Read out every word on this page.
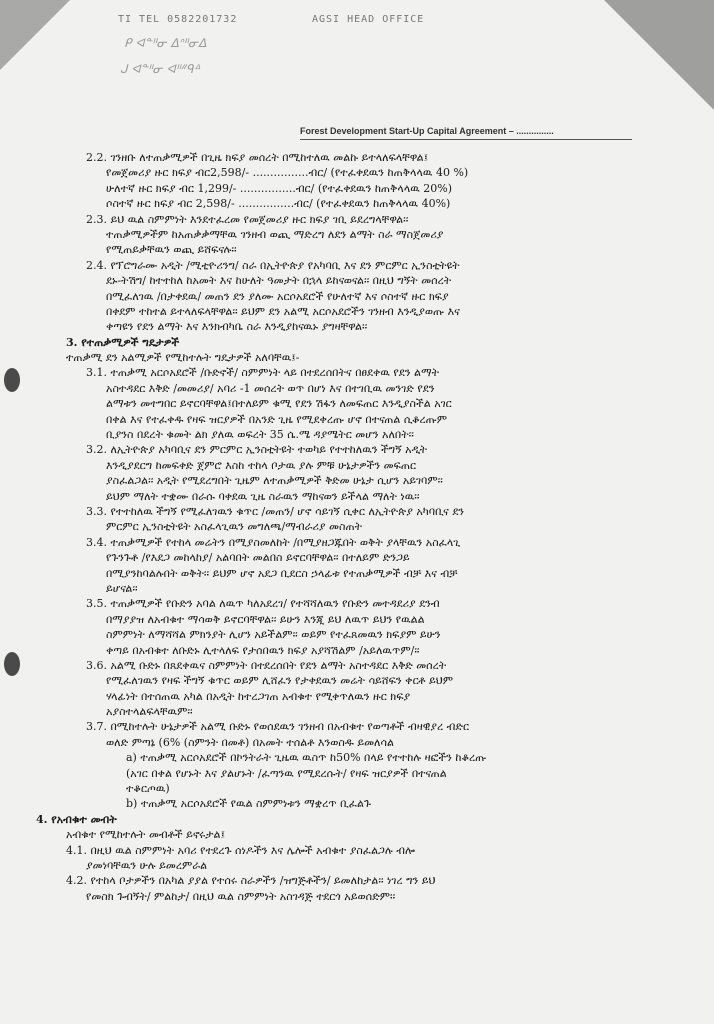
TI TEL 0582201732	AGSI HEAD OFFICE
ᑭ ᐊᓐᐦᓂ ᐃᐢᐦᓂᐃ
ᒍ ᐊᓐᐦᓂ ᐊᐦᐥᑫᐞ
Forest Development Start-Up Capital Agreement – ...............
2.2. ገንዘቡ ለተጠቃሚዎች በጊዜ ክፍያ መሰረት በሚከተለዉ መልኩ ይተላለፍላቸዋል፤
የመጀመሪያ ዙር ክፍያ ብር2,598/- ................ብር/ (የተፈቀደዉን ከጠቅላላዉ 40 %)
ሁለተኛ ዙር ክፍያ ብር 1,299/- ................ብር/ (የተፈቀደዉን ከጠቅላላዉ 20%)
ሶስተኛ ዙር ክፍያ ብር 2,598/- ................ብር/ (የተፈቀደዉን ከጠቅላላዉ 40%)
2.3. ይህ ዉል ስምምነት እንደተፈረመ የመጀመሪያ ዙር ክፍያ ገቢ ይደረግላቸዋል፡፡
ተጠቃሚዎችም ከአጠቃቃማቸዉ ገንዘብ ወጪ ማድረግ ለደን ልማት ስራ ማስጀመሪያ
የሚጠይቃቸዉን ወጪ ይሸፍናሉ፡፡
2.4. የፕሮግራሙ አዲት /ሚቲዮሪንግ/ ስራ በኢትዮጵያ የአካባቢ እና ደን ምርምር ኢንስቲትዩት
ደኑ-ትሽግ/ ከተተከለ ከአመት እና ከሁለት ዓመታት በኋላ ይከናወናል፡፡ በዚህ ግኝት መሰረት
በሚፈለገዉ /በታቀደዉ/ መጠን ደን ያለሙ አርሶአደሮች የሁለተኛ እና ሶስተኛ ዙር ክፍያ
በቀደም ተከተል ይተላለፍላቸዋል፡፡ ይህም ደን አልሚ አርሶአደሮችን ገንዘብ እንዲያወጡ እና
ቀጣዩን የደን ልማት እና እንክብካቤ ስራ እንዲያከናዉኑ ያግዛቸዋል፡፡
3. የተጠቃሚዎች ግዴታዎች
ተጠቃሚ ደን አልሚዎች የሚከተሉት ግዴታዎች አለባቸዉ፤-
3.1. ተጠቃሚ አርሶአደሮች /ቡድኖች/ ስምምነት ላይ በተደረሰበትና በፀደቀዉ የደን ልማት
አስተዳደር እቅድ /መመሪያ/ አባሪ -1 መሰረት ወጥ በሆነ እና በተገቢዉ መንገድ የደን
ልማቱን መተግበር ይኖርባቸዋል፤በተለይም ቁሚ የደን ሽፋን ለመፍጠር እንዲያስችል አገር
በቀል እና የተፈቀዱ የዛፍ ዝርያዎች በአንድ ጊዜ የሚደቀረጡ ሆኖ በተናጠል ሲቆረጡም
ቢያንስ በደረት ቁመት ልክ ያለዉ ወፍረት 35 ሴ.ሜ ዳያሜትር መሆን አለበት፡፡
3.2. ለኢትዮጵያ አካባቢና ደን ምርምር ኢንስቲትዩት ተወካይ የተተከለዉን ችግኝ አዲት
እንዲያደርግ ከመፍቀድ ጀምሮ እስከ ተከላ ቦታዉ ያሉ ምቹ ሁኔታዎችን መፍጠር
ያስፈልጋል፡፡ አዲት የሚደረግበት ጊዜም ለተጠቃሚዎች ቅድመ ሁኔታ ሲሆን አይገባም፡፡
ይህም ማለት ተቋሙ በራሱ ባቀደዉ ጊዜ ስራዉን ማከናወን ይችላል ማለት ነዉ፡፡
3.3. የተተከለዉ ችግኝ የሚፈለገዉን ቁጥር /መጠን/ ሆኖ ሳይገኝ ሲቀር ለኢትዮጵያ አካባቢና ደን
ምርምር ኢንስቲትዩት አስፈላጊዉን መግለጫ/ማብራሪያ መስጠት
3.4. ተጠቃሚዎች የተከላ መሬትን በሚያስመለከት /በሚያዘጋጁበት ወቅት ያላቸዉን አስፈላጊ
የጉንጉቶ /የእደጋ መከላከያ/ አልባበት መልበስ ይኖርባቸዋል፡፡ በተለይም ድንጋይ
በሚያንከባልሉበት ወቅት፡፡ ይህም ሆኖ አደጋ ቢደርስ ኃላፊቱ የተጠቃሚዎች ብቻ እና ብቻ
ይሆናል፡፡
3.5. ተጠቃሚዎች የቡድን አባል ለዉጥ ካለአደረገ/ የተሻሻለዉን የቡድን መተዳደሪያ ደንብ
በማያያዝ ለአብቁተ ማሳወቅ ይኖርባቸዋል፡፡ ይሁን እንጂ ይህ ለዉጥ ይህን የዉልል
ስምምነት ለማሻሻል ምክንያት ሊሆን አይችልም፡፡ ወይም የተፈጸመዉን ክፍያም ይሁን
ቀጣይ በአብቁተ ለቡድኑ ሊተላለፍ የታሰበዉን ክፍያ አያሻሽልም /አይለዉጥም/፡፡
3.6. አልሚ ቡድኑ በጸደቀዉና ስምምነት በተደረሰበት የደን ልማት አስተዳደር እቅድ መሰረት
የሚፈለገዉን የዛፍ ችግኝ ቁጥር ወይም ሊሸፈን የታቀደዉን መሬት ሳይሸፍን ቀርቶ ይህም
ሃላፊነት በተሰጠዉ አካል በአዲት ከተረጋገጠ አብቁተ የሚቀጥለዉን ዙር ክፍያ
አያስተላልፍላቸዉም፡፡
3.7. በሚከተሉት ሁኔታዎች አልሚ ቡድኑ የወሰደዉን ገንዘብ በአብቁተ የወጣቶች ብዛዊያረ ብድር
ወለድ ምጣኔ (6% (ስምንት በመቶ) በአመት ተሰልቶ እንወስዱ ይመለሳል
a) ተጠቃሚ አርሶአደሮች በኮንትራት ጊዜዉ ዉስጥ ከ50% በላይ የተተከሉ ዛፎችን ከቆረጡ
(አገር በቀል የሆኑት እና ያልሆኑት /ፈጣንዉ የሚደረሱት/ የዛፍ ዝርያዎች በተናጠል
ተቆርጦዉ)
b) ተጠቃሚ አርሶአደሮች የዉል ስምምነቱን ማቋረጥ ቢፈልጉ
4. የአብቁተ መብት
አብቁተ የሚከተሉት መብቶች ይኖሩታል፤
4.1. በዚህ ዉል ስምምነት አባሪ የተደረጉ ሰነዶችን እና ሌሎች አብቁተ ያስፈልጋሉ ብሎ
ያመነባቸዉን ሁሉ ይመረምራል
4.2. የተከላ ቦታዎችን በአካል ያያል የተሰሩ ስራዎችን /ዝግጅቶችን/ ይመለከታል፡፡ ነገረ ግን ይህ
የመስክ ጉብኝት/ ምልከታ/ በዚህ ዉል ስምምነት አስገዳጅ ተደርጎ አይወሰድም፡፡
